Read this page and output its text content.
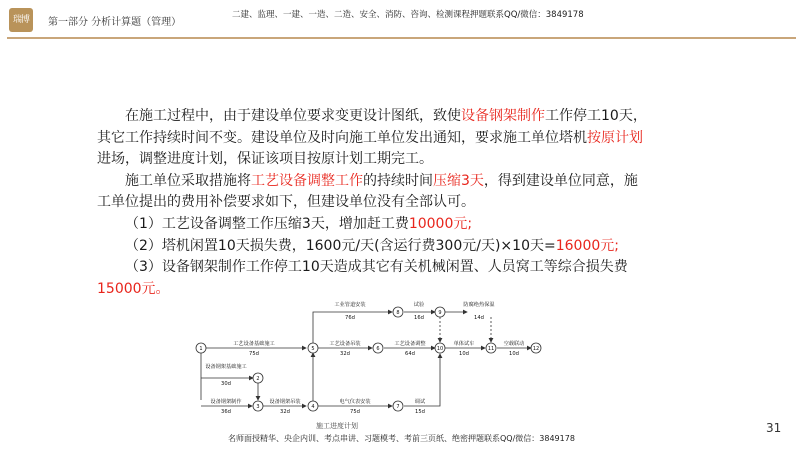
瑞博	第一部分 分析计算题（管理）
二建、监理、一建、一造、二造、安全、消防、咨询、检测课程押题联系QQ/微信：3849178

在施工过程中，由于建设单位要求变更设计图纸，致使设备钢架制作工作停工10天，其它工作持续时间不变。建设单位及时向施工单位发出通知，要求施工单位塔机按原计划进场，调整进度计划，保证该项目按原计划工期完工。

施工单位采取措施将工艺设备调整工作的持续时间压缩3天，得到建设单位同意，施工单位提出的费用补偿要求如下，但建设单位没有全部认可。

（1）工艺设备调整工作压缩3天，增加赶工费10000元;

（2）塔机闲置10天损失费，1600元/天(含运行费300元/天)×10天=16000元;

（3）设备钢架制作工作停工10天造成其它有关机械闲置、人员窝工等综合损失费15000元。

1
2
3	4
5	6
7
8	9
10	11	12
工艺设备基础施工
75d
设备钢架基础施工
30d
设备钢架制作
36d
设备钢架吊装
32d
工业管道安装
76d
工艺设备吊装
32d
工艺设备调整
64d
电气仪表安装
75d
试验
16d
调试
15d
防腐绝热保温
14d
单体试车
10d
空载联动
10d
施工进度计划	31
名师面授精华、央企内训、考点串讲、习题模考、考前三页纸、绝密押题联系QQ/微信：3849178
